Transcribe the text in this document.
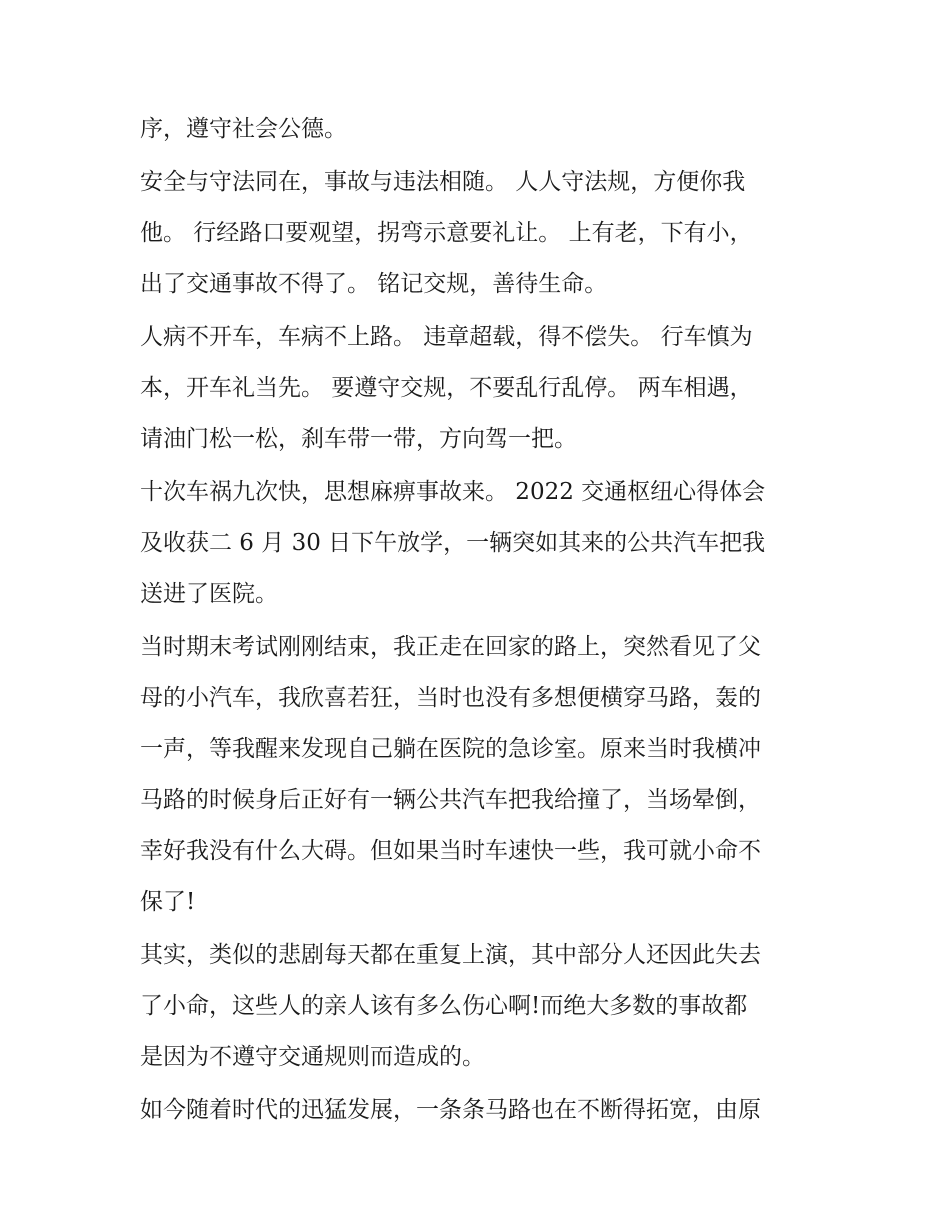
序，遵守社会公德。
安全与守法同在，事故与违法相随。 人人守法规，方便你我
他。 行经路口要观望，拐弯示意要礼让。 上有老，下有小，
出了交通事故不得了。 铭记交规，善待生命。
人病不开车，车病不上路。 违章超载，得不偿失。 行车慎为
本，开车礼当先。 要遵守交规，不要乱行乱停。 两车相遇，
请油门松一松，刹车带一带，方向驾一把。
十次车祸九次快，思想麻痹事故来。 2022 交通枢纽心得体会
及收获二 6 月 30 日下午放学，一辆突如其来的公共汽车把我
送进了医院。
当时期末考试刚刚结束，我正走在回家的路上，突然看见了父
母的小汽车，我欣喜若狂，当时也没有多想便横穿马路，轰的
一声，等我醒来发现自己躺在医院的急诊室。原来当时我横冲
马路的时候身后正好有一辆公共汽车把我给撞了，当场晕倒，
幸好我没有什么大碍。但如果当时车速快一些，我可就小命不
保了!
其实，类似的悲剧每天都在重复上演，其中部分人还因此失去
了小命，这些人的亲人该有多么伤心啊!而绝大多数的事故都
是因为不遵守交通规则而造成的。
如今随着时代的迅猛发展，一条条马路也在不断得拓宽，由原
